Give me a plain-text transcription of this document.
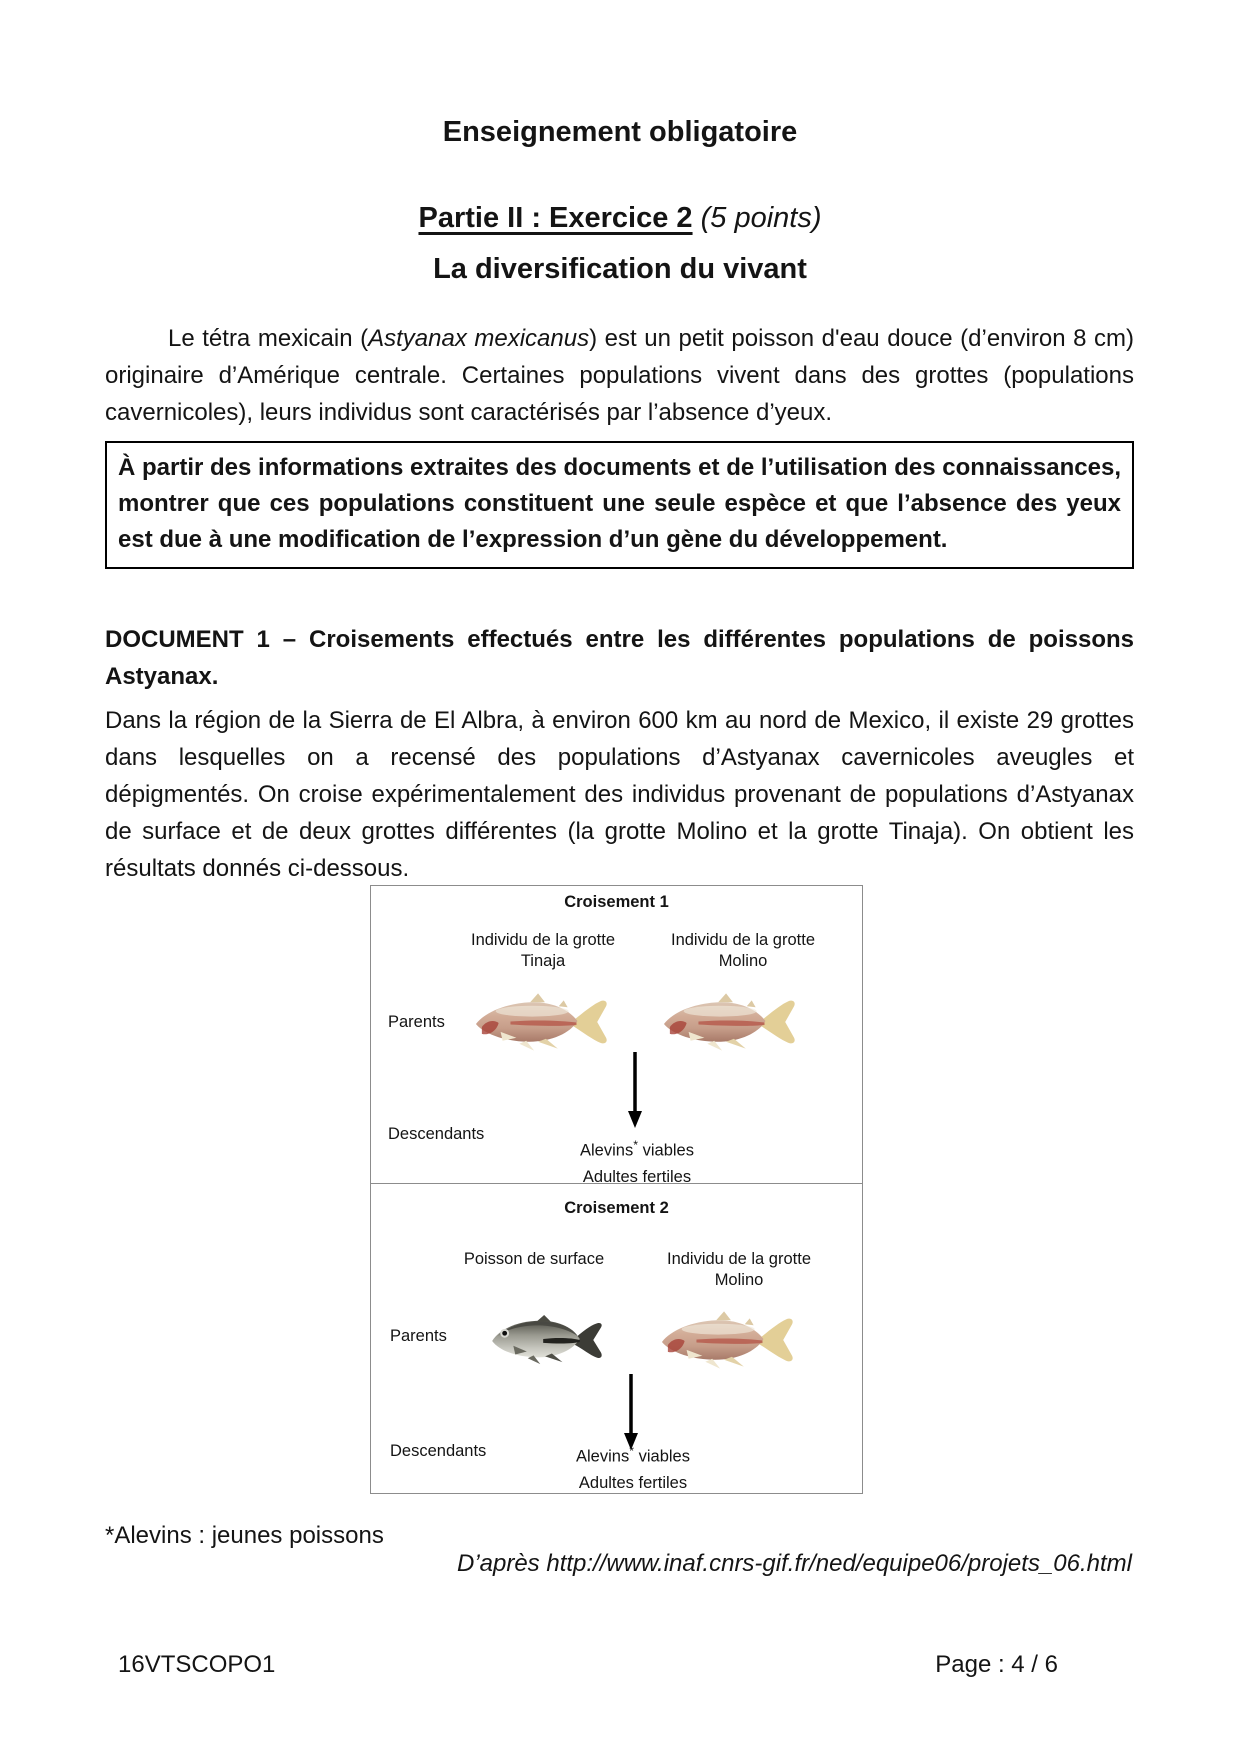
Enseignement obligatoire
Partie II : Exercice 2 (5 points)
La diversification du vivant
Le tétra mexicain (Astyanax mexicanus) est un petit poisson d'eau douce (d’environ 8 cm) originaire d’Amérique centrale. Certaines populations vivent dans des grottes (populations cavernicoles), leurs individus sont caractérisés par l’absence d’yeux.
À partir des informations extraites des documents et de l’utilisation des connaissances, montrer que ces populations constituent une seule espèce et que l’absence des yeux est due à une modification de l’expression d’un gène du développement.
DOCUMENT 1 – Croisements effectués entre les différentes populations de poissons Astyanax.
Dans la région de la Sierra de El Albra, à environ 600 km au nord de Mexico, il existe 29 grottes dans lesquelles on a recensé des populations d’Astyanax cavernicoles aveugles et dépigmentés. On croise expérimentalement des individus provenant de populations d’Astyanax de surface et de deux grottes différentes (la grotte Molino et la grotte Tinaja). On obtient les résultats donnés ci-dessous.
Croisement 1
Individu de la grotte Tinaja
Individu de la grotte Molino
Parents
Descendants
Alevins* viables
Adultes fertiles
Croisement 2
Poisson de surface	Individu de la grotte Molino
Parents
Descendants	Alevins* viables
Adultes fertiles
*Alevins : jeunes poissons
D’après http://www.inaf.cnrs-gif.fr/ned/equipe06/projets_06.html
16VTSCOPO1	Page : 4 / 6
